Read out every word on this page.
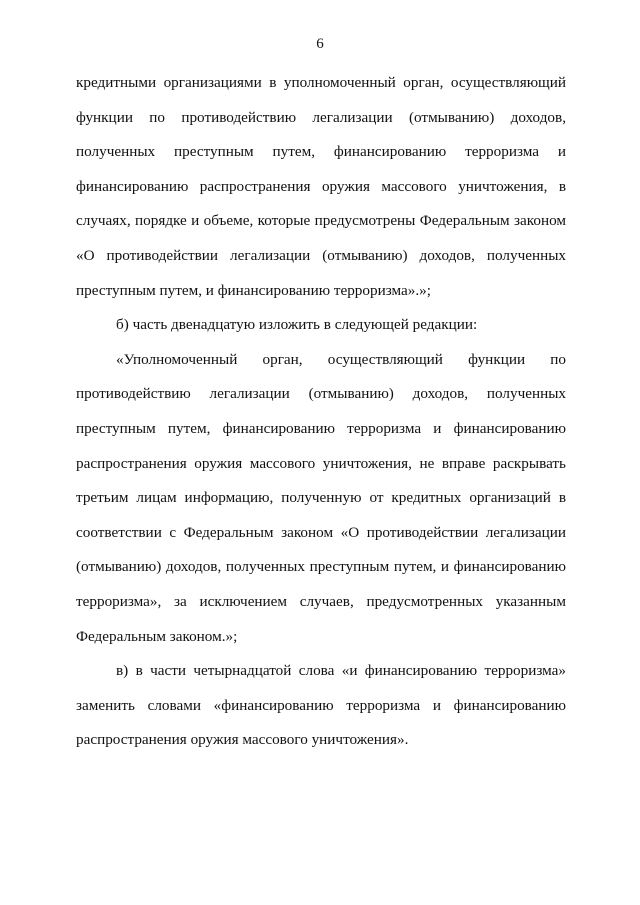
6

кредитными организациями в уполномоченный орган, осуществляющий функции по противодействию легализации (отмыванию) доходов, полученных преступным путем, финансированию терроризма и финансированию распространения оружия массового уничтожения, в случаях, порядке и объеме, которые предусмотрены Федеральным законом «О противодействии легализации (отмыванию) доходов, полученных преступным путем, и финансированию терроризма».»;

б) часть двенадцатую изложить в следующей редакции:

«Уполномоченный орган, осуществляющий функции по противодействию легализации (отмыванию) доходов, полученных преступным путем, финансированию терроризма и финансированию распространения оружия массового уничтожения, не вправе раскрывать третьим лицам информацию, полученную от кредитных организаций в соответствии с Федеральным законом «О противодействии легализации (отмыванию) доходов, полученных преступным путем, и финансированию терроризма», за исключением случаев, предусмотренных указанным Федеральным законом.»;

в) в части четырнадцатой слова «и финансированию терроризма» заменить словами «финансированию терроризма и финансированию распространения оружия массового уничтожения».
